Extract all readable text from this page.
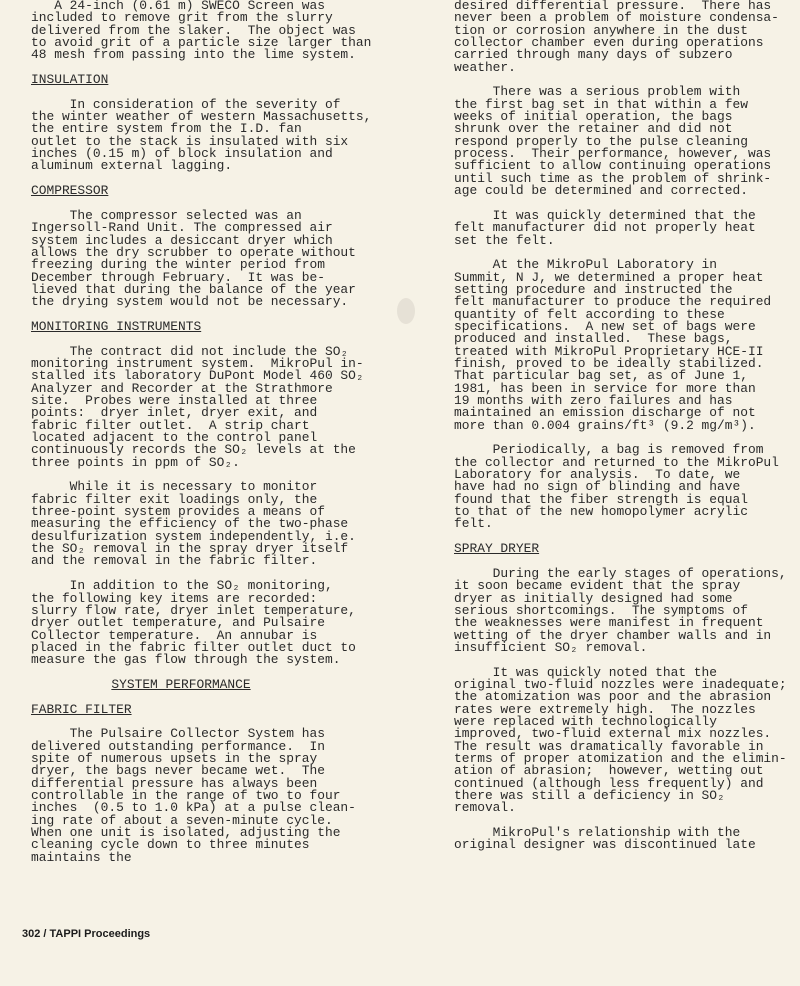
A 24-inch (0.61 m) SWECO Screen was
included to remove grit from the slurry
delivered from the slaker.  The object was
to avoid grit of a particle size larger than
48 mesh from passing into the lime system.

INSULATION

In consideration of the severity of
the winter weather of western Massachusetts,
the entire system from the I.D. fan
outlet to the stack is insulated with six
inches (0.15 m) of block insulation and
aluminum external lagging.

COMPRESSOR

The compressor selected was an
Ingersoll-Rand Unit. The compressed air
system includes a desiccant dryer which
allows the dry scrubber to operate without
freezing during the winter period from
December through February.  It was be-
lieved that during the balance of the year
the drying system would not be necessary.

MONITORING INSTRUMENTS

The contract did not include the SO₂
monitoring instrument system.  MikroPul in-
stalled its laboratory DuPont Model 460 SO₂
Analyzer and Recorder at the Strathmore
site.  Probes were installed at three
points:  dryer inlet, dryer exit, and
fabric filter outlet.  A strip chart
located adjacent to the control panel
continuously records the SO₂ levels at the
three points in ppm of SO₂.

While it is necessary to monitor
fabric filter exit loadings only, the
three-point system provides a means of
measuring the efficiency of the two-phase
desulfurization system independently, i.e.
the SO₂ removal in the spray dryer itself
and the removal in the fabric filter.

In addition to the SO₂ monitoring,
the following key items are recorded:
slurry flow rate, dryer inlet temperature,
dryer outlet temperature, and Pulsaire
Collector temperature.  An annubar is
placed in the fabric filter outlet duct to
measure the gas flow through the system.

SYSTEM PERFORMANCE
FABRIC FILTER

The Pulsaire Collector System has
delivered outstanding performance.  In
spite of numerous upsets in the spray
dryer, the bags never became wet.  The
differential pressure has always been
controllable in the range of two to four
inches  (0.5 to 1.0 kPa) at a pulse clean-
ing rate of about a seven-minute cycle.
When one unit is isolated, adjusting the
cleaning cycle down to three minutes
maintains the

desired differential pressure.  There has
never been a problem of moisture condensa-
tion or corrosion anywhere in the dust
collector chamber even during operations
carried through many days of subzero
weather.

There was a serious problem with
the first bag set in that within a few
weeks of initial operation, the bags
shrunk over the retainer and did not
respond properly to the pulse cleaning
process.  Their performance, however, was
sufficient to allow continuing operations
until such time as the problem of shrink-
age could be determined and corrected.

It was quickly determined that the
felt manufacturer did not properly heat
set the felt.

At the MikroPul Laboratory in
Summit, N J, we determined a proper heat
setting procedure and instructed the
felt manufacturer to produce the required
quantity of felt according to these
specifications.  A new set of bags were
produced and installed.  These bags,
treated with MikroPul Proprietary HCE-II
finish, proved to be ideally stabilized.
That particular bag set, as of June 1,
1981, has been in service for more than
19 months with zero failures and has
maintained an emission discharge of not
more than 0.004 grains/ft³ (9.2 mg/m³).

Periodically, a bag is removed from
the collector and returned to the MikroPul
Laboratory for analysis.  To date, we
have had no sign of blinding and have
found that the fiber strength is equal
to that of the new homopolymer acrylic
felt.

SPRAY DRYER

During the early stages of operations,
it soon became evident that the spray
dryer as initially designed had some
serious shortcomings.  The symptoms of
the weaknesses were manifest in frequent
wetting of the dryer chamber walls and in
insufficient SO₂ removal.

It was quickly noted that the
original two-fluid nozzles were inadequate;
the atomization was poor and the abrasion
rates were extremely high.  The nozzles
were replaced with technologically
improved, two-fluid external mix nozzles.
The result was dramatically favorable in
terms of proper atomization and the elimin-
ation of abrasion;  however, wetting out
continued (although less frequently) and
there was still a deficiency in SO₂
removal.

MikroPul's relationship with the
original designer was discontinued late

302 / TAPPI Proceedings
